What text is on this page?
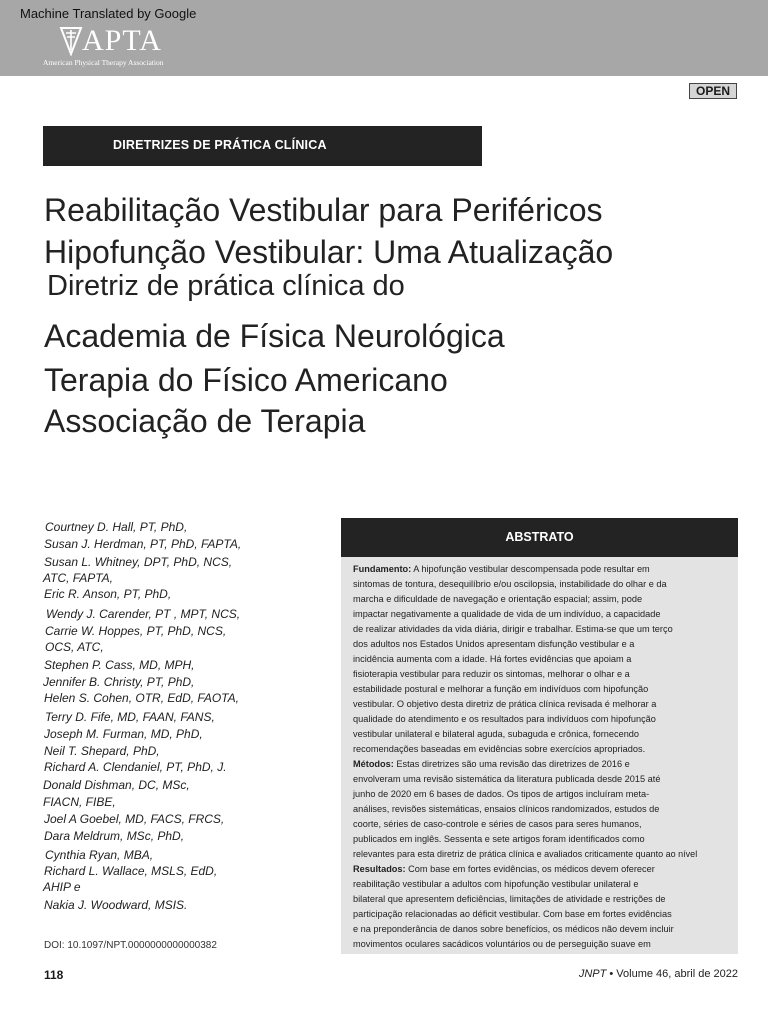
Machine Translated by Google
APTA
American Physical Therapy Association
OPEN
DIRETRIZES DE PRÁTICA CLÍNICA
Reabilitação Vestibular para Periféricos
Hipofunção Vestibular: Uma Atualização
Diretriz de prática clínica do
Academia de Física Neurológica
Terapia do Físico Americano
Associação de Terapia
Courtney D. Hall, PT, PhD,
Susan J. Herdman, PT, PhD, FAPTA,
Susan L. Whitney, DPT, PhD, NCS,
ATC, FAPTA,
Eric R. Anson, PT, PhD,
Wendy J. Carender, PT , MPT, NCS,
Carrie W. Hoppes, PT, PhD, NCS,
OCS, ATC,
Stephen P. Cass, MD, MPH,
Jennifer B. Christy, PT, PhD,
Helen S. Cohen, OTR, EdD, FAOTA,
Terry D. Fife, MD, FAAN, FANS,
Joseph M. Furman, MD, PhD,
Neil T. Shepard, PhD,
Richard A. Clendaniel, PT, PhD, J.
Donald Dishman, DC, MSc,
FIACN, FIBE,
Joel A Goebel, MD, FACS, FRCS,
Dara Meldrum, MSc, PhD,
Cynthia Ryan, MBA,
Richard L. Wallace, MSLS, EdD,
AHIP e
Nakia J. Woodward, MSIS.
DOI: 10.1097/NPT.0000000000000382
ABSTRATO
Fundamento: A hipofunção vestibular descompensada pode resultar em
sintomas de tontura, desequilíbrio e/ou oscilopsia, instabilidade do olhar e da
marcha e dificuldade de navegação e orientação espacial; assim, pode
impactar negativamente a qualidade de vida de um indivíduo, a capacidade
de realizar atividades da vida diária, dirigir e trabalhar. Estima-se que um terço
dos adultos nos Estados Unidos apresentam disfunção vestibular e a
incidência aumenta com a idade. Há fortes evidências que apoiam a
fisioterapia vestibular para reduzir os sintomas, melhorar o olhar e a
estabilidade postural e melhorar a função em indivíduos com hipofunção
vestibular. O objetivo desta diretriz de prática clínica revisada é melhorar a
qualidade do atendimento e os resultados para indivíduos com hipofunção
vestibular unilateral e bilateral aguda, subaguda e crônica, fornecendo
recomendações baseadas em evidências sobre exercícios apropriados.
Métodos: Estas diretrizes são uma revisão das diretrizes de 2016 e
envolveram uma revisão sistemática da literatura publicada desde 2015 até
junho de 2020 em 6 bases de dados. Os tipos de artigos incluíram meta-
análises, revisões sistemáticas, ensaios clínicos randomizados, estudos de
coorte, séries de caso-controle e séries de casos para seres humanos,
publicados em inglês. Sessenta e sete artigos foram identificados como
relevantes para esta diretriz de prática clínica e avaliados criticamente quanto ao nível
Resultados: Com base em fortes evidências, os médicos devem oferecer
reabilitação vestibular a adultos com hipofunção vestibular unilateral e
bilateral que apresentem deficiências, limitações de atividade e restrições de
participação relacionadas ao déficit vestibular. Com base em fortes evidências
e na preponderância de danos sobre benefícios, os médicos não devem incluir
movimentos oculares sacádicos voluntários ou de perseguição suave em
118	JNPT • Volume 46, abril de 2022
